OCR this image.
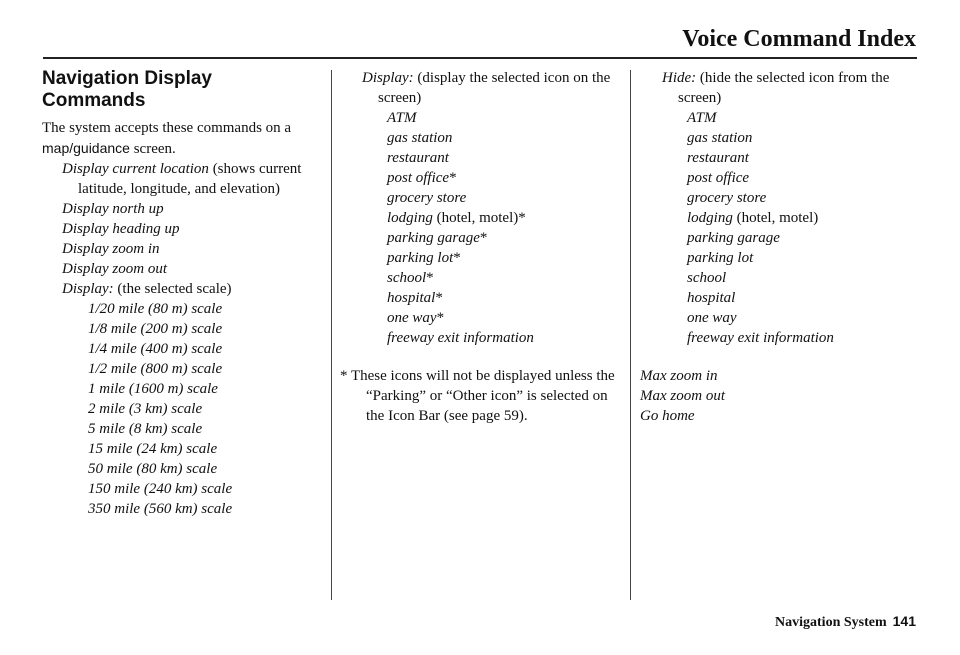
Voice Command Index
Navigation Display Commands

The system accepts these commands on a map/guidance screen.

Display current location (shows current latitude, longitude, and elevation)

Display north up

Display heading up

Display zoom in

Display zoom out

Display: (the selected scale)

1/20 mile (80 m) scale

1/8 mile (200 m) scale

1/4 mile (400 m) scale

1/2 mile (800 m) scale

1 mile (1600 m) scale

2 mile (3 km) scale

5 mile (8 km) scale

15 mile (24 km) scale

50 mile (80 km) scale

150 mile (240 km) scale

350 mile (560 km) scale

Display: (display the selected icon on the screen)

ATM

gas station

restaurant

post office*

grocery store

lodging (hotel, motel)*

parking garage*

parking lot*

school*

hospital*

one way*

freeway exit information

* These icons will not be displayed unless the “Parking” or “Other icon” is selected on the Icon Bar (see page 59).

Hide: (hide the selected icon from the screen)

ATM

gas station

restaurant

post office

grocery store

lodging (hotel, motel)

parking garage

parking lot

school

hospital

one way

freeway exit information

Max zoom in

Max zoom out

Go home

Navigation System 141
